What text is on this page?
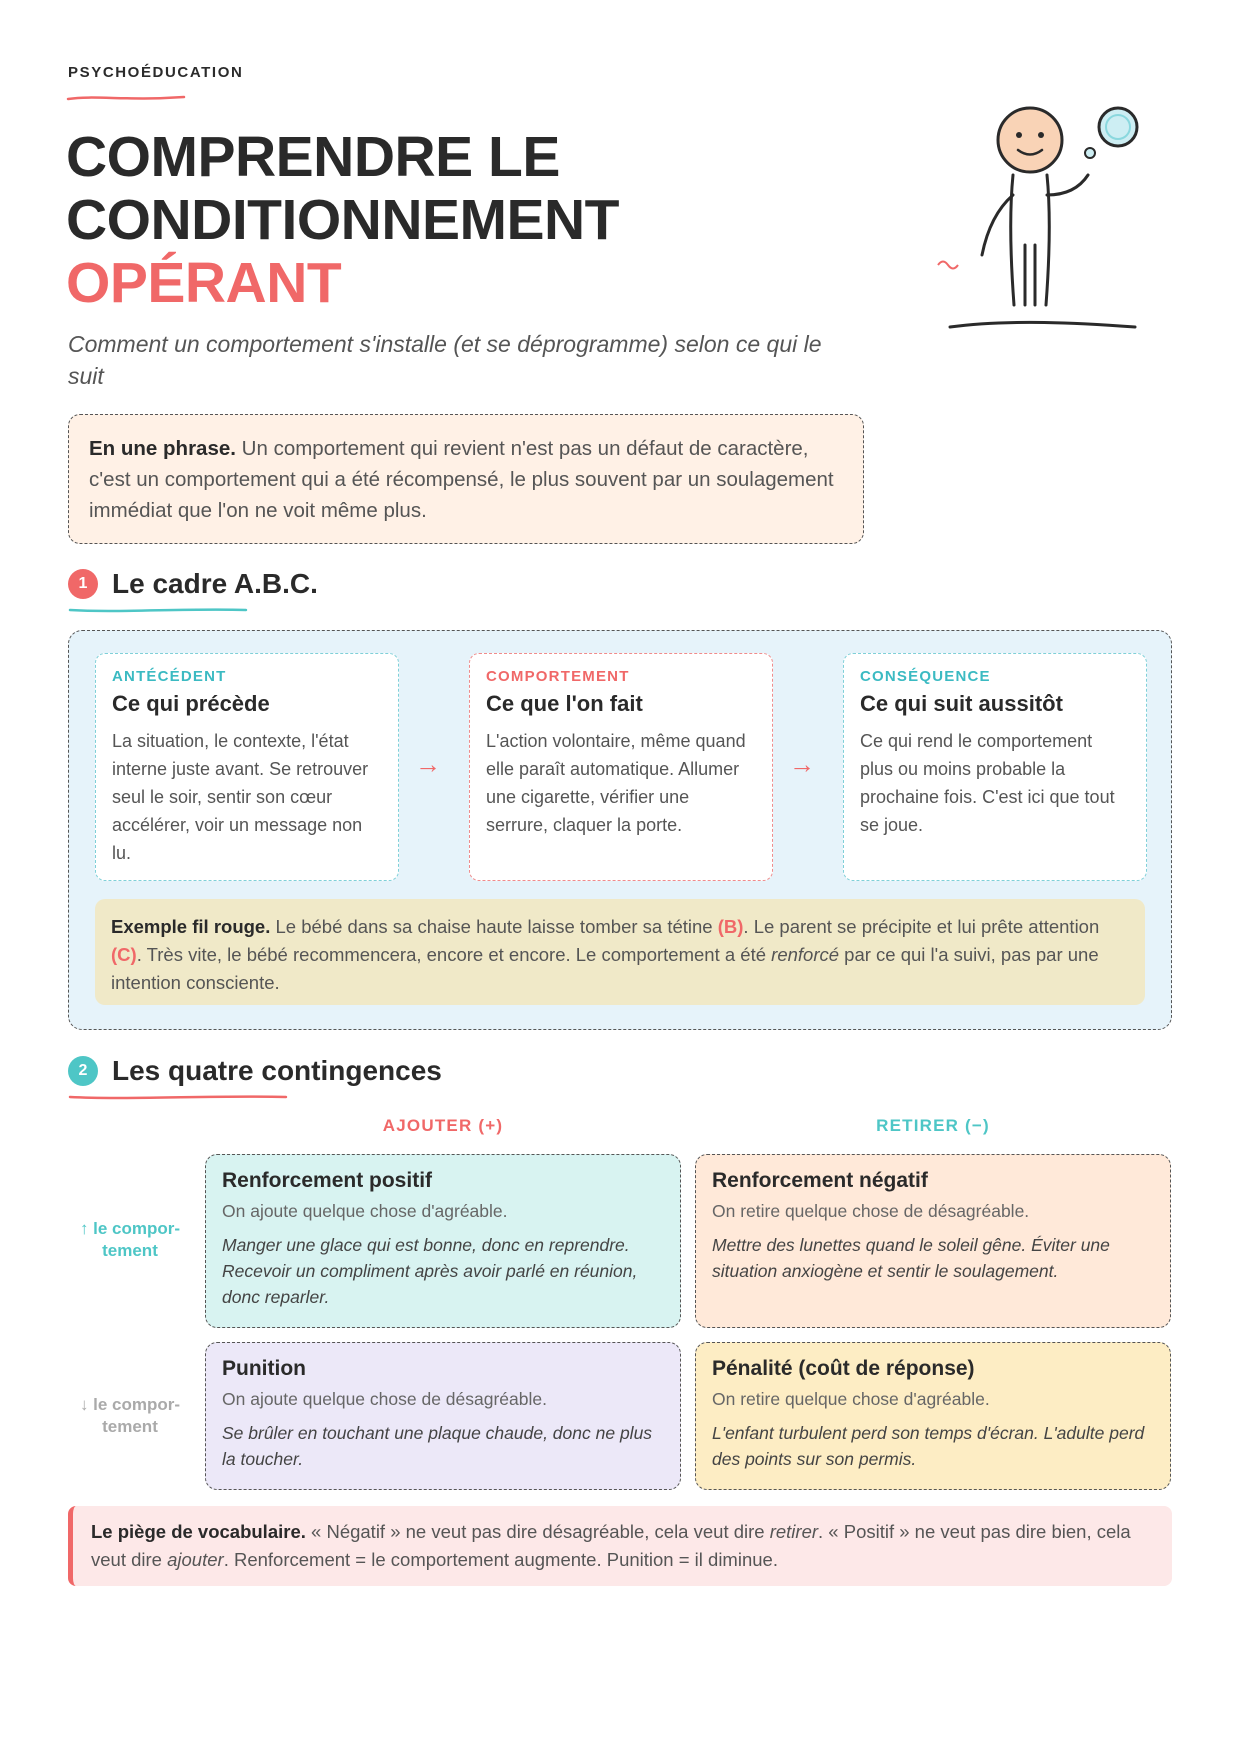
PSYCHOÉDUCATION
COMPRENDRE LE
CONDITIONNEMENT
OPÉRANT
Comment un comportement s'installe (et se déprogramme) selon ce qui le suit
En une phrase. Un comportement qui revient n'est pas un défaut de caractère, c'est un comportement qui a été récompensé, le plus souvent par un soulagement immédiat que l'on ne voit même plus.
1 Le cadre A.B.C.
ANTÉCÉDENT
Ce qui précède
La situation, le contexte, l'état interne juste avant. Se retrouver seul le soir, sentir son cœur accélérer, voir un message non lu.
→
COMPORTEMENT
Ce que l'on fait
L'action volontaire, même quand elle paraît automatique. Allumer une cigarette, vérifier une serrure, claquer la porte.
→
CONSÉQUENCE
Ce qui suit aussitôt
Ce qui rend le comportement plus ou moins probable la prochaine fois. C'est ici que tout se joue.
Exemple fil rouge. Le bébé dans sa chaise haute laisse tomber sa tétine (B). Le parent se précipite et lui prête attention (C). Très vite, le bébé recommencera, encore et encore. Le comportement a été renforcé par ce qui l'a suivi, pas par une intention consciente.
2 Les quatre contingences
AJOUTER (+)	RETIRER (−)
↑ le compor-
tement
↓ le compor-
tement
Renforcement positif
On ajoute quelque chose d'agréable.
Manger une glace qui est bonne, donc en reprendre. Recevoir un compliment après avoir parlé en réunion, donc reparler.
Renforcement négatif
On retire quelque chose de désagréable.
Mettre des lunettes quand le soleil gêne. Éviter une situation anxiogène et sentir le soulagement.
Punition
On ajoute quelque chose de désagréable.
Se brûler en touchant une plaque chaude, donc ne plus la toucher.
Pénalité (coût de réponse)
On retire quelque chose d'agréable.
L'enfant turbulent perd son temps d'écran. L'adulte perd des points sur son permis.
Le piège de vocabulaire. « Négatif » ne veut pas dire désagréable, cela veut dire retirer. « Positif » ne veut pas dire bien, cela veut dire ajouter. Renforcement = le comportement augmente. Punition = il diminue.
